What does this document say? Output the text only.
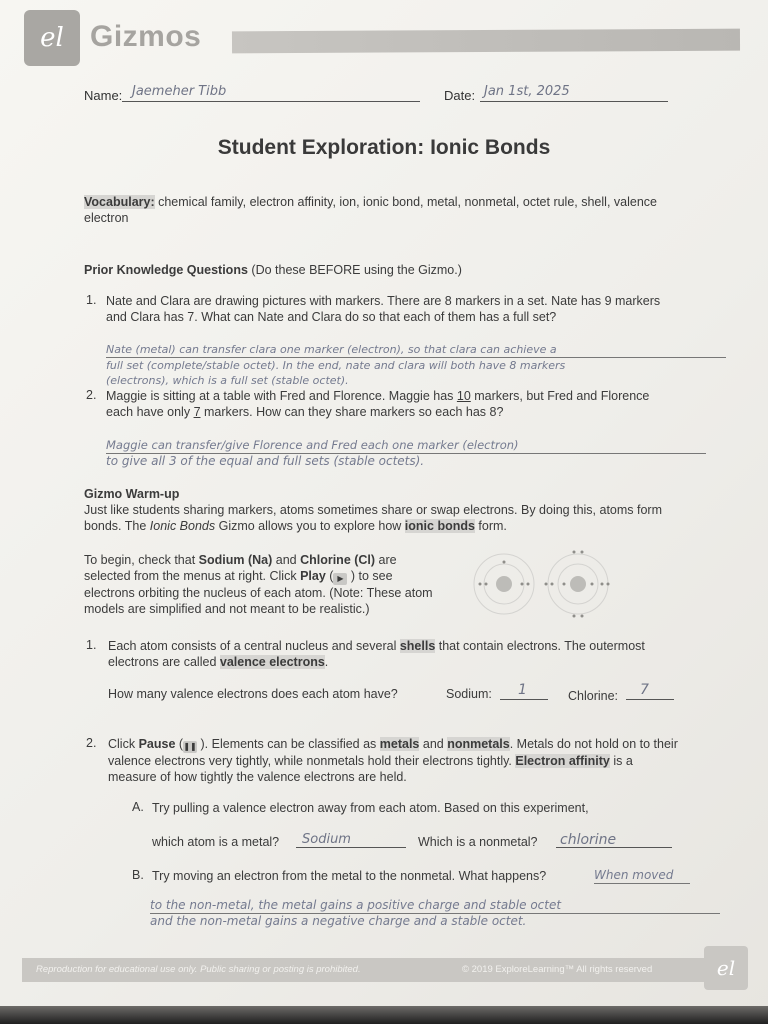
el Gizmos
Name: Jaemeher Tibb	Date: Jan 1st, 2025
Student Exploration: Ionic Bonds
Vocabulary: chemical family, electron affinity, ion, ionic bond, metal, nonmetal, octet rule, shell, valence electron
Prior Knowledge Questions (Do these BEFORE using the Gizmo.)
1. Nate and Clara are drawing pictures with markers. There are 8 markers in a set. Nate has 9 markers and Clara has 7. What can Nate and Clara do so that each of them has a full set?
Nate (metal) can transfer clara one marker (electron), so that clara can achieve a
full set (complete/stable octet). In the end, nate and clara will both have 8 markers
(electrons), which is a full set (stable octet).
2. Maggie is sitting at a table with Fred and Florence. Maggie has 10 markers, but Fred and Florence each have only 7 markers. How can they share markers so each has 8?
Maggie can transfer/give Florence and Fred each one marker (electron)
to give all 3 of the equal and full sets (stable octets).
Gizmo Warm-up
Just like students sharing markers, atoms sometimes share or swap electrons. By doing this, atoms form bonds. The Ionic Bonds Gizmo allows you to explore how ionic bonds form.
To begin, check that Sodium (Na) and Chlorine (Cl) are selected from the menus at right. Click Play ( ▶ ) to see electrons orbiting the nucleus of each atom. (Note: These atom models are simplified and not meant to be realistic.)
1. Each atom consists of a central nucleus and several shells that contain electrons. The outermost electrons are called valence electrons.
How many valence electrons does each atom have?	Sodium: 1	Chlorine: 7
2. Click Pause (❚❚ ). Elements can be classified as metals and nonmetals. Metals do not hold on to their valence electrons very tightly, while nonmetals hold their electrons tightly. Electron affinity is a measure of how tightly the valence electrons are held.
A. Try pulling a valence electron away from each atom. Based on this experiment,
which atom is a metal? Sodium	Which is a nonmetal? chlorine
B. Try moving an electron from the metal to the nonmetal. What happens?	When moved
to the non-metal, the metal gains a positive charge and stable octet
and the non-metal gains a negative charge and a stable octet.
Reproduction for educational use only. Public sharing or posting is prohibited.	© 2019 ExploreLearning™ All rights reserved	el
